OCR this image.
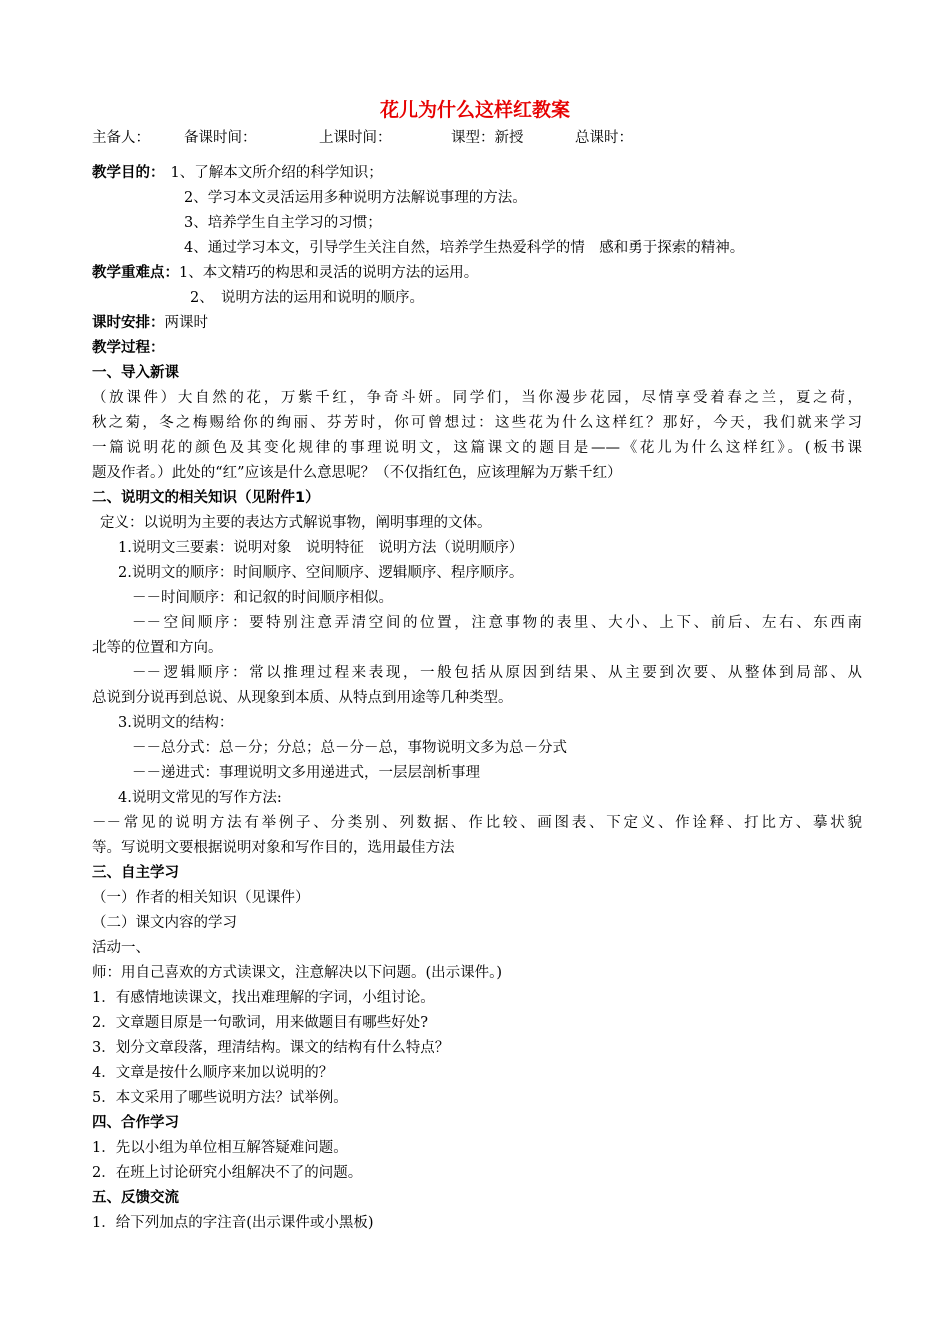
花儿为什么这样红教案
主备人： 备课时间：	上课时间：	课型：新授	总课时：
教学目的： 1、了解本文所介绍的科学知识；
2、学习本文灵活运用多种说明方法解说事理的方法。
3、培养学生自主学习的习惯；
4、通过学习本文，引导学生关注自然，培养学生热爱科学的情　感和勇于探索的精神。
教学重难点：1、本文精巧的构思和灵活的说明方法的运用。
2、　说明方法的运用和说明的顺序。
课时安排：两课时
教学过程：
一、导入新课
（放课件）大自然的花，万紫千红，争奇斗妍。同学们，当你漫步花园，尽情享受着春之兰，夏之荷，
秋之菊，冬之梅赐给你的绚丽、芬芳时，你可曾想过：这些花为什么这样红？那好，今天，我们就来学习
一篇说明花的颜色及其变化规律的事理说明文，这篇课文的题目是——《花儿为什么这样红》。(板书课
题及作者。）此处的“红”应该是什么意思呢？（不仅指红色，应该理解为万紫千红）
二、说明文的相关知识（见附件1）
定义：以说明为主要的表达方式解说事物，阐明事理的文体。
1.说明文三要素：说明对象　说明特征　说明方法（说明顺序）
2.说明文的顺序：时间顺序、空间顺序、逻辑顺序、程序顺序。
－－时间顺序：和记叙的时间顺序相似。
－－空间顺序：要特别注意弄清空间的位置，注意事物的表里、大小、上下、前后、左右、东西南
北等的位置和方向。
－－逻辑顺序：常以推理过程来表现，一般包括从原因到结果、从主要到次要、从整体到局部、从
总说到分说再到总说、从现象到本质、从特点到用途等几种类型。
3.说明文的结构：
－－总分式：总－分；分总；总－分－总，事物说明文多为总－分式
－－递进式：事理说明文多用递进式，一层层剖析事理
4.说明文常见的写作方法:
－－常见的说明方法有举例子、分类别、列数据、作比较、画图表、下定义、作诠释、打比方、摹状貌
等。写说明文要根据说明对象和写作目的，选用最佳方法
三、自主学习
（一）作者的相关知识（见课件）
（二）课文内容的学习
活动一、
师：用自己喜欢的方式读课文，注意解决以下问题。(出示课件。)
1．有感情地读课文，找出难理解的字词，小组讨论。
2．文章题目原是一句歌词，用来做题目有哪些好处?
3．划分文章段落，理清结构。课文的结构有什么特点？
4．文章是按什么顺序来加以说明的？
5．本文采用了哪些说明方法？试举例。
四、合作学习
1．先以小组为单位相互解答疑难问题。
2．在班上讨论研究小组解决不了的问题。
五、反馈交流
1．给下列加点的字注音(出示课件或小黑板)
